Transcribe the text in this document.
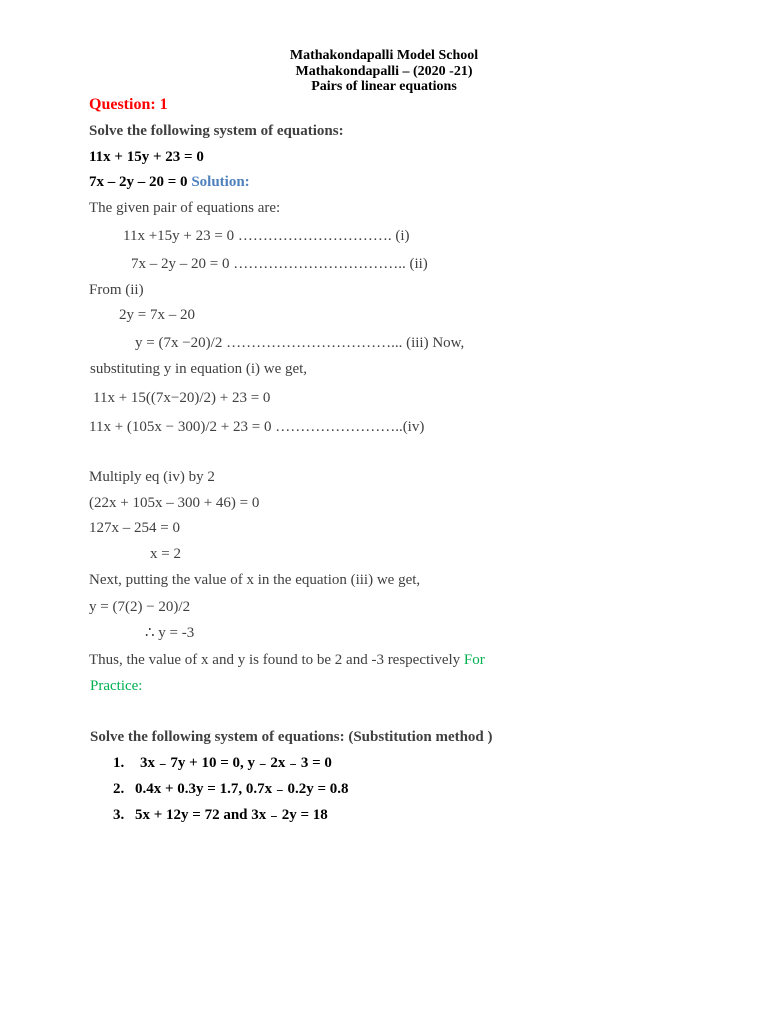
Mathakondapalli Model School
Mathakondapalli – (2020 -21)
Pairs of linear equations
Question: 1
Solve the following system of equations:
11x + 15y + 23 = 0
7x – 2y – 20 = 0 Solution:
The given pair of equations are:
11x +15y + 23 = 0 …………………………. (i)
7x – 2y – 20 = 0 …………………………….. (ii)
From (ii)
2y = 7x – 20
y = (7x −20)/2 ……………………………... (iii) Now,
substituting y in equation (i) we get,
11x + 15((7x−20)/2) + 23 = 0
11x + (105x − 300)/2 + 23 = 0 ……………………..(iv)
Multiply eq (iv) by 2
(22x + 105x – 300 + 46) = 0
127x – 254 = 0
x = 2
Next, putting the value of x in the equation (iii) we get,
y = (7(2) − 20)/2
∴ y = -3
Thus, the value of x and y is found to be 2 and -3 respectively For
Practice:
Solve the following system of equations: (Substitution method )
1. 3x ₋ 7y + 10 = 0, y ₋ 2x ₋ 3 = 0
2. 0.4x + 0.3y = 1.7, 0.7x ₋ 0.2y = 0.8
3. 5x + 12y = 72 and 3x ₋ 2y = 18
